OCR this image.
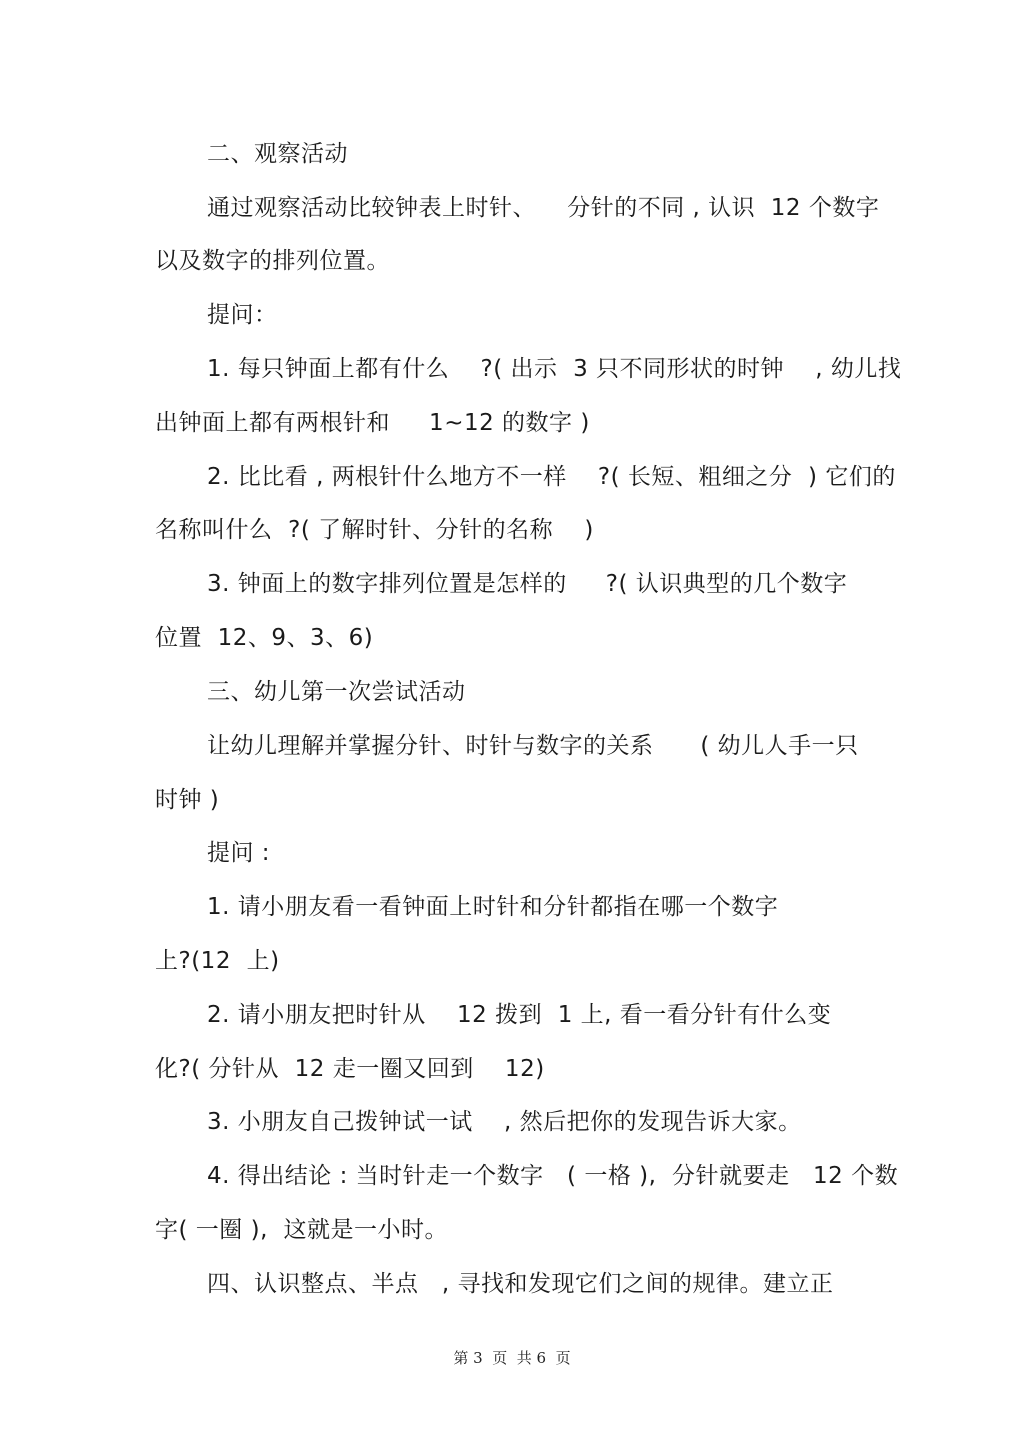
二、观察活动
通过观察活动比较钟表上时针、    分针的不同 , 认识  12 个数字
以及数字的排列位置。
提问：
1. 每只钟面上都有什么    ?( 出示  3 只不同形状的时钟    , 幼儿找
出钟面上都有两根针和     1~12 的数字 )
2. 比比看 , 两根针什么地方不一样    ?( 长短、粗细之分  ) 它们的
名称叫什么  ?( 了解时针、分针的名称    )
3. 钟面上的数字排列位置是怎样的     ?( 认识典型的几个数字
位置  12、9、3、6)
三、幼儿第一次尝试活动
让幼儿理解并掌握分针、时针与数字的关系      ( 幼儿人手一只
时钟 )
提问 :
1. 请小朋友看一看钟面上时针和分针都指在哪一个数字
上?(12  上)
2. 请小朋友把时针从    12 拨到  1 上, 看一看分针有什么变
化?( 分针从  12 走一圈又回到    12)
3. 小朋友自己拨钟试一试    , 然后把你的发现告诉大家。
4. 得出结论 : 当时针走一个数字   ( 一格 ),  分针就要走   12 个数
字( 一圈 ),  这就是一小时。
四、认识整点、半点   , 寻找和发现它们之间的规律。建立正
第 3  页  共 6  页
